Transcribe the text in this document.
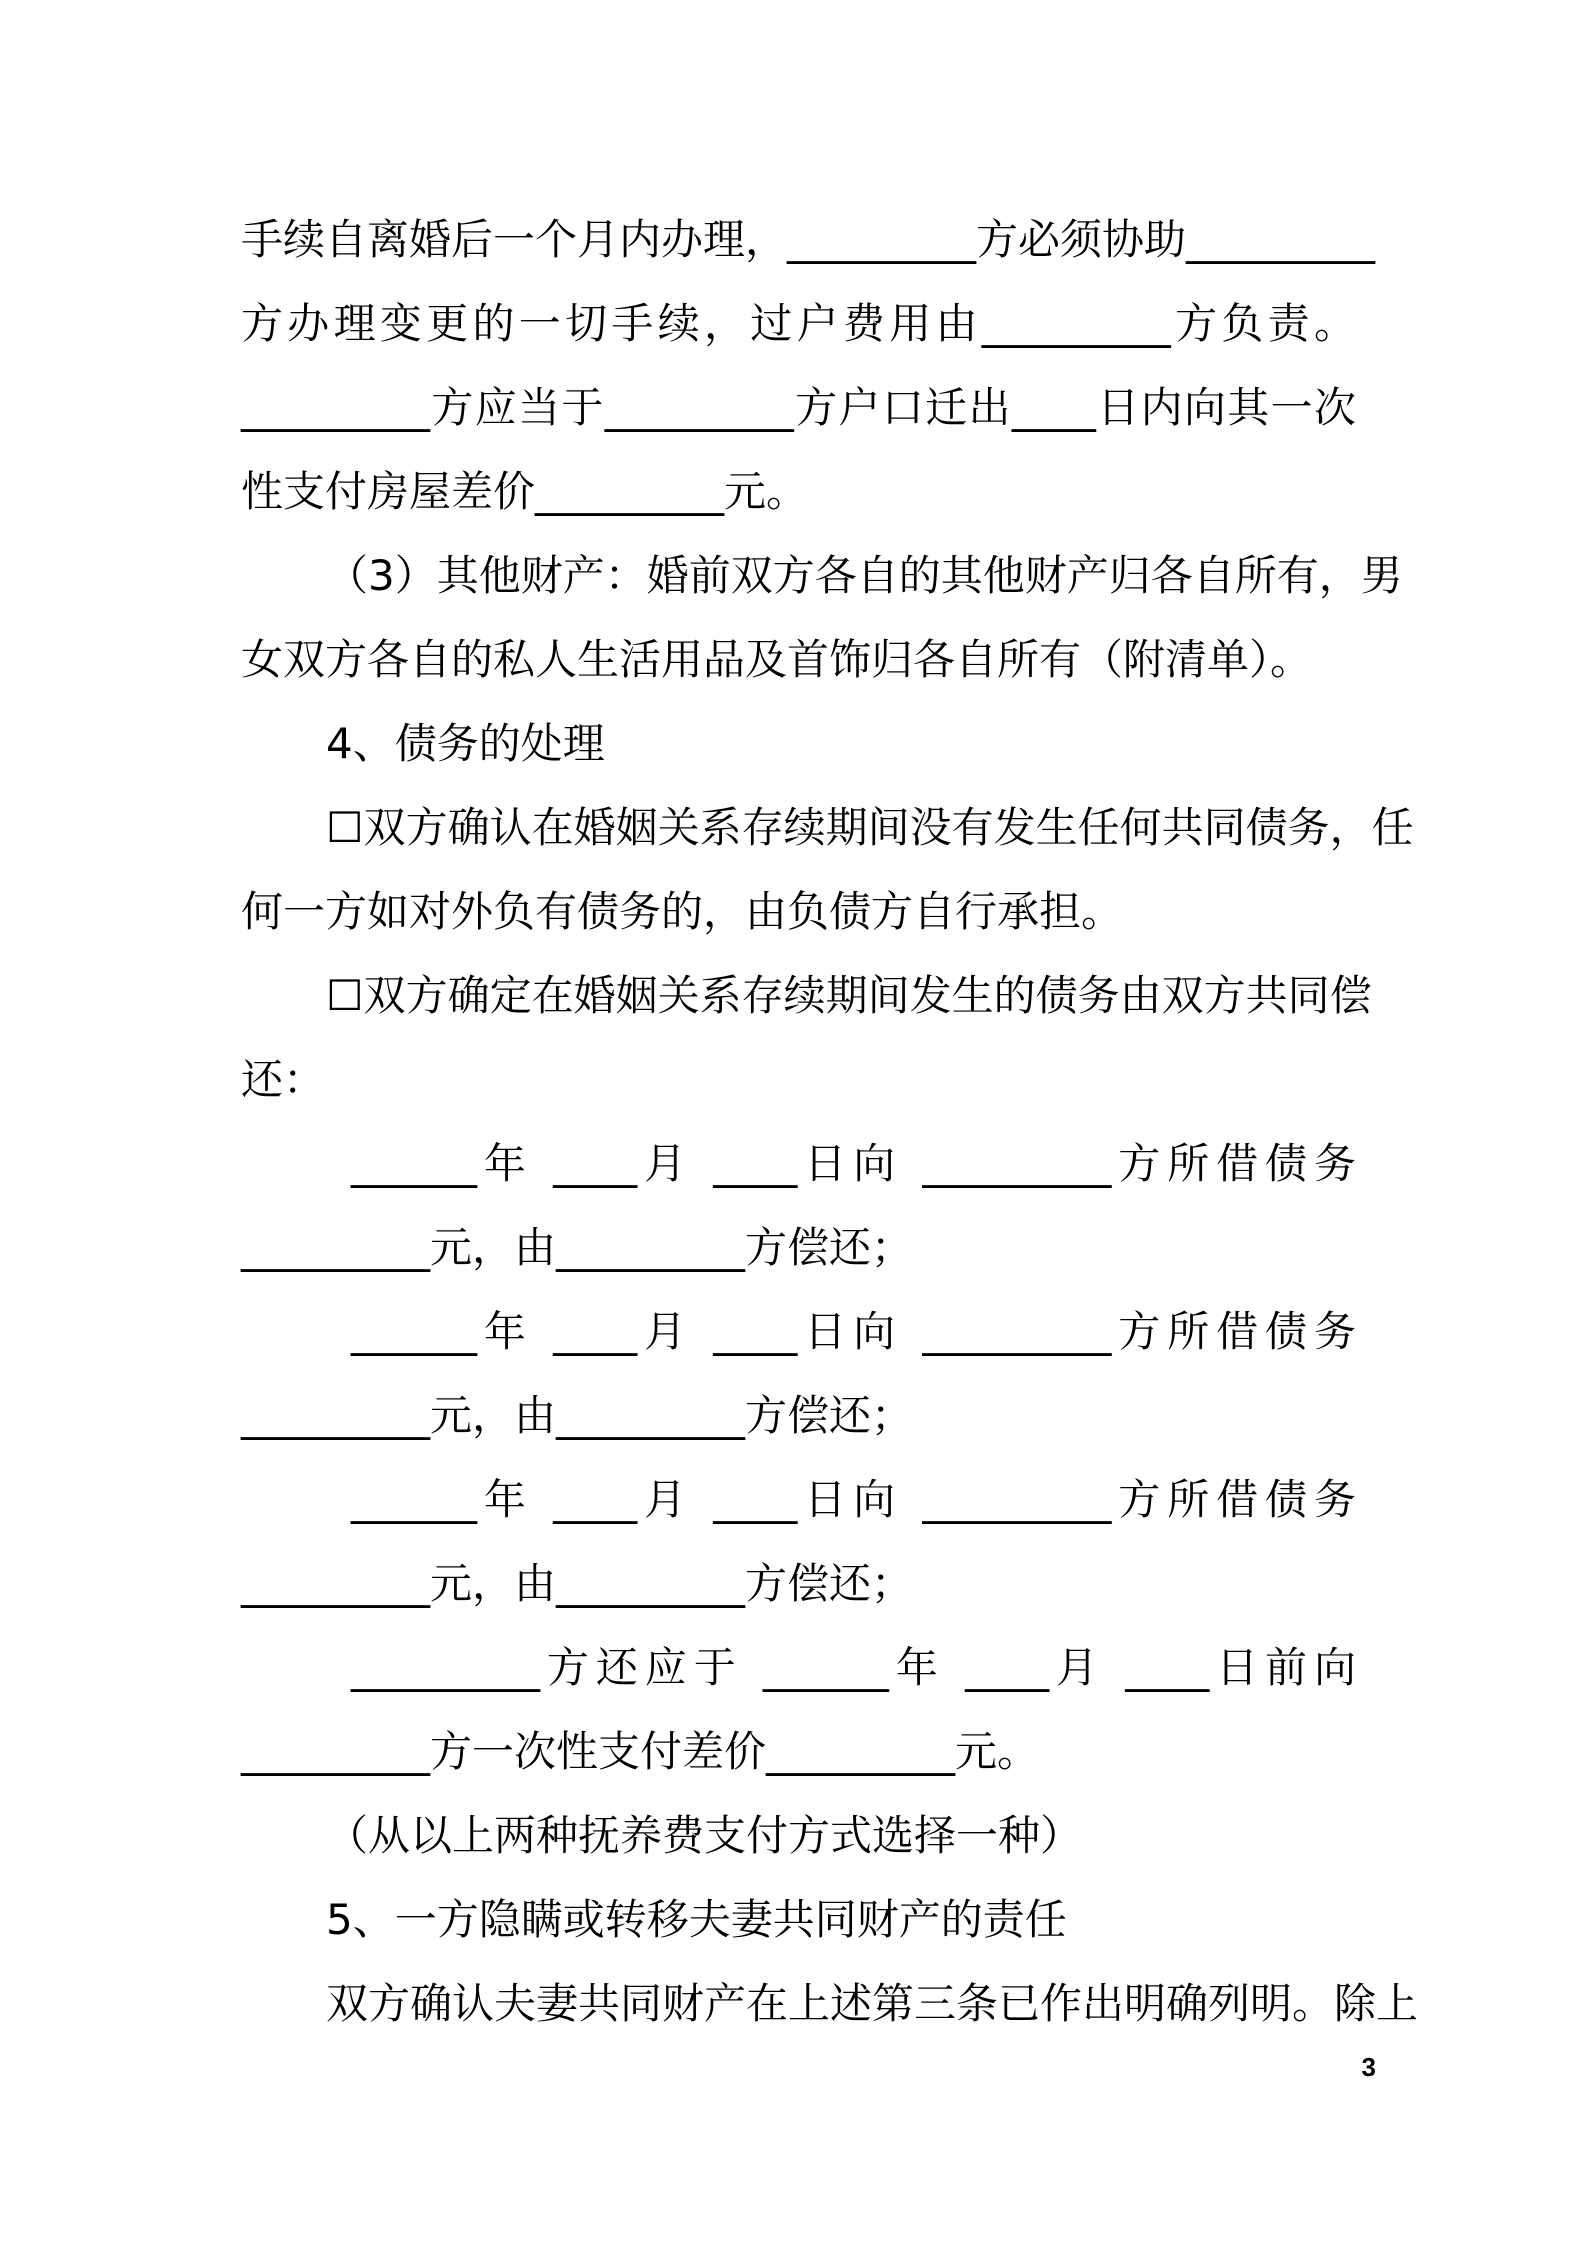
手续自离婚后一个月内办理，_________方必须协助_________

方办理变更的一切手续，过户费用由_________方负责。

_________方应当于_________方户口迁出____日内向其一次

性支付房屋差价_________元。

（3）其他财产：婚前双方各自的其他财产归各自所有，男

女双方各自的私人生活用品及首饰归各自所有（附清单）。

4、债务的处理

☐双方确认在婚姻关系存续期间没有发生任何共同债务，任

何一方如对外负有债务的，由负债方自行承担。

☐双方确定在婚姻关系存续期间发生的债务由双方共同偿

还：

______年 ____月 ____日向 _________方所借债务

_________元，由_________方偿还；

______年 ____月 ____日向 _________方所借债务

_________元，由_________方偿还；

______年 ____月 ____日向 _________方所借债务

_________元，由_________方偿还；

_________方还应于 ______年 ____月 ____日前向

_________方一次性支付差价_________元。

（从以上两种抚养费支付方式选择一种）

5、一方隐瞒或转移夫妻共同财产的责任

双方确认夫妻共同财产在上述第三条已作出明确列明。除上

3
